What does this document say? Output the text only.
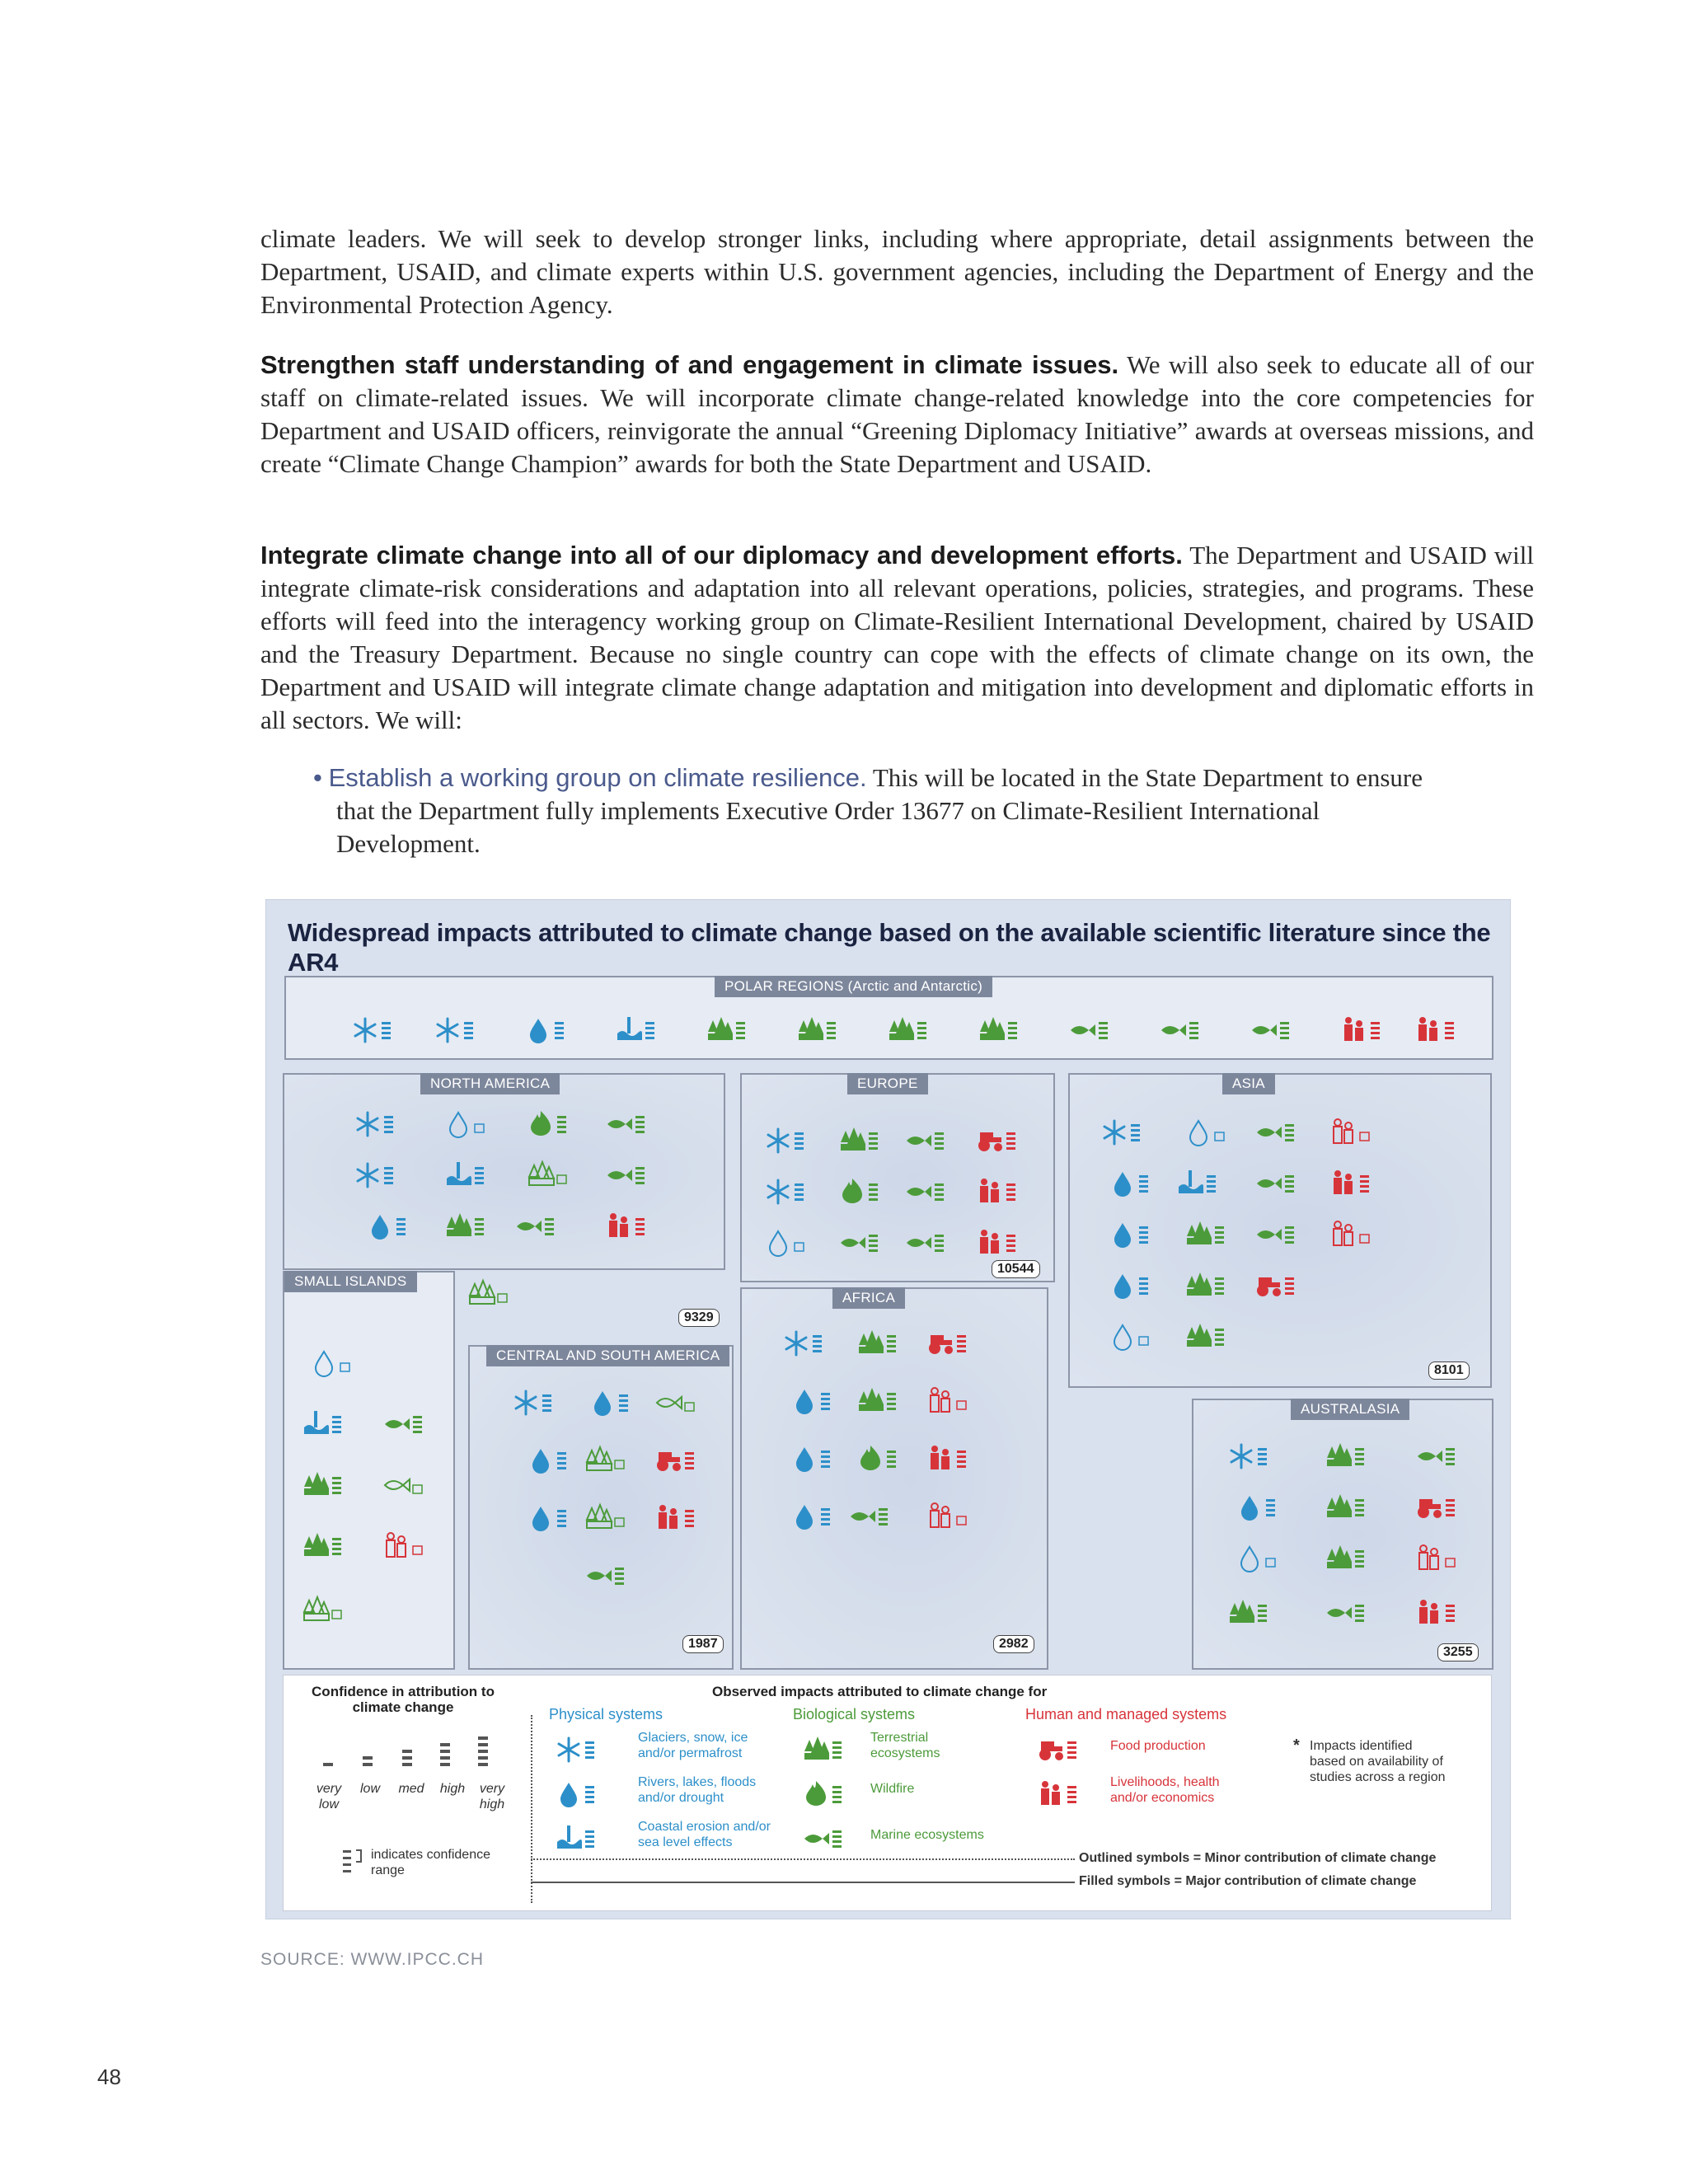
climate leaders. We will seek to develop stronger links, including where appropriate, detail assignments between the Department, USAID, and climate experts within U.S. government agencies, including the Department of Energy and the Environmental Protection Agency.

Strengthen staff understanding of and engagement in climate issues. We will also seek to educate all of our staff on climate-related issues. We will incorporate climate change-related knowledge into the core competencies for Department and USAID officers, reinvigorate the annual “Greening Diplomacy Initiative” awards at overseas missions, and create “Climate Change Champion” awards for both the State Department and USAID.

Integrate climate change into all of our diplomacy and development efforts. The Department and USAID will integrate climate-risk considerations and adaptation into all relevant operations, policies, strategies, and programs. These efforts will feed into the interagency working group on Climate-Resilient International Development, chaired by USAID and the Treasury Department. Because no single country can cope with the effects of climate change on its own, the Department and USAID will integrate climate change adaptation and mitigation into development and diplomatic efforts in all sectors. We will:

• Establish a working group on climate resilience. This will be located in the State Department to ensure that the Department fully implements Executive Order 13677 on Climate-Resilient International Development.

Widespread impacts attributed to climate change based on the available scientific literature since the AR4
POLAR REGIONS (Arctic and Antarctic)
NORTH AMERICA
SMALL ISLANDS
9329
EUROPE
10544
ASIA
8101
CENTRAL AND SOUTH AMERICA
1987
AFRICA
2982
AUSTRALASIA
3255
Confidence in attribution to climate change
very low
low	med	high	very high
indicates confidence range
Observed impacts attributed to climate change for
Physical systems	Biological systems	Human and managed systems
Glaciers, snow, ice and/or permafrost
Rivers, lakes, floods and/or drought
Coastal erosion and/or sea level effects
Terrestrial ecosystems
Wildfire
Marine ecosystems
Food production
Livelihoods, health and/or economics
* Impacts identified based on availability of studies across a region
Outlined symbols = Minor contribution of climate change
Filled symbols = Major contribution of climate change
SOURCE: WWW.IPCC.CH
48
